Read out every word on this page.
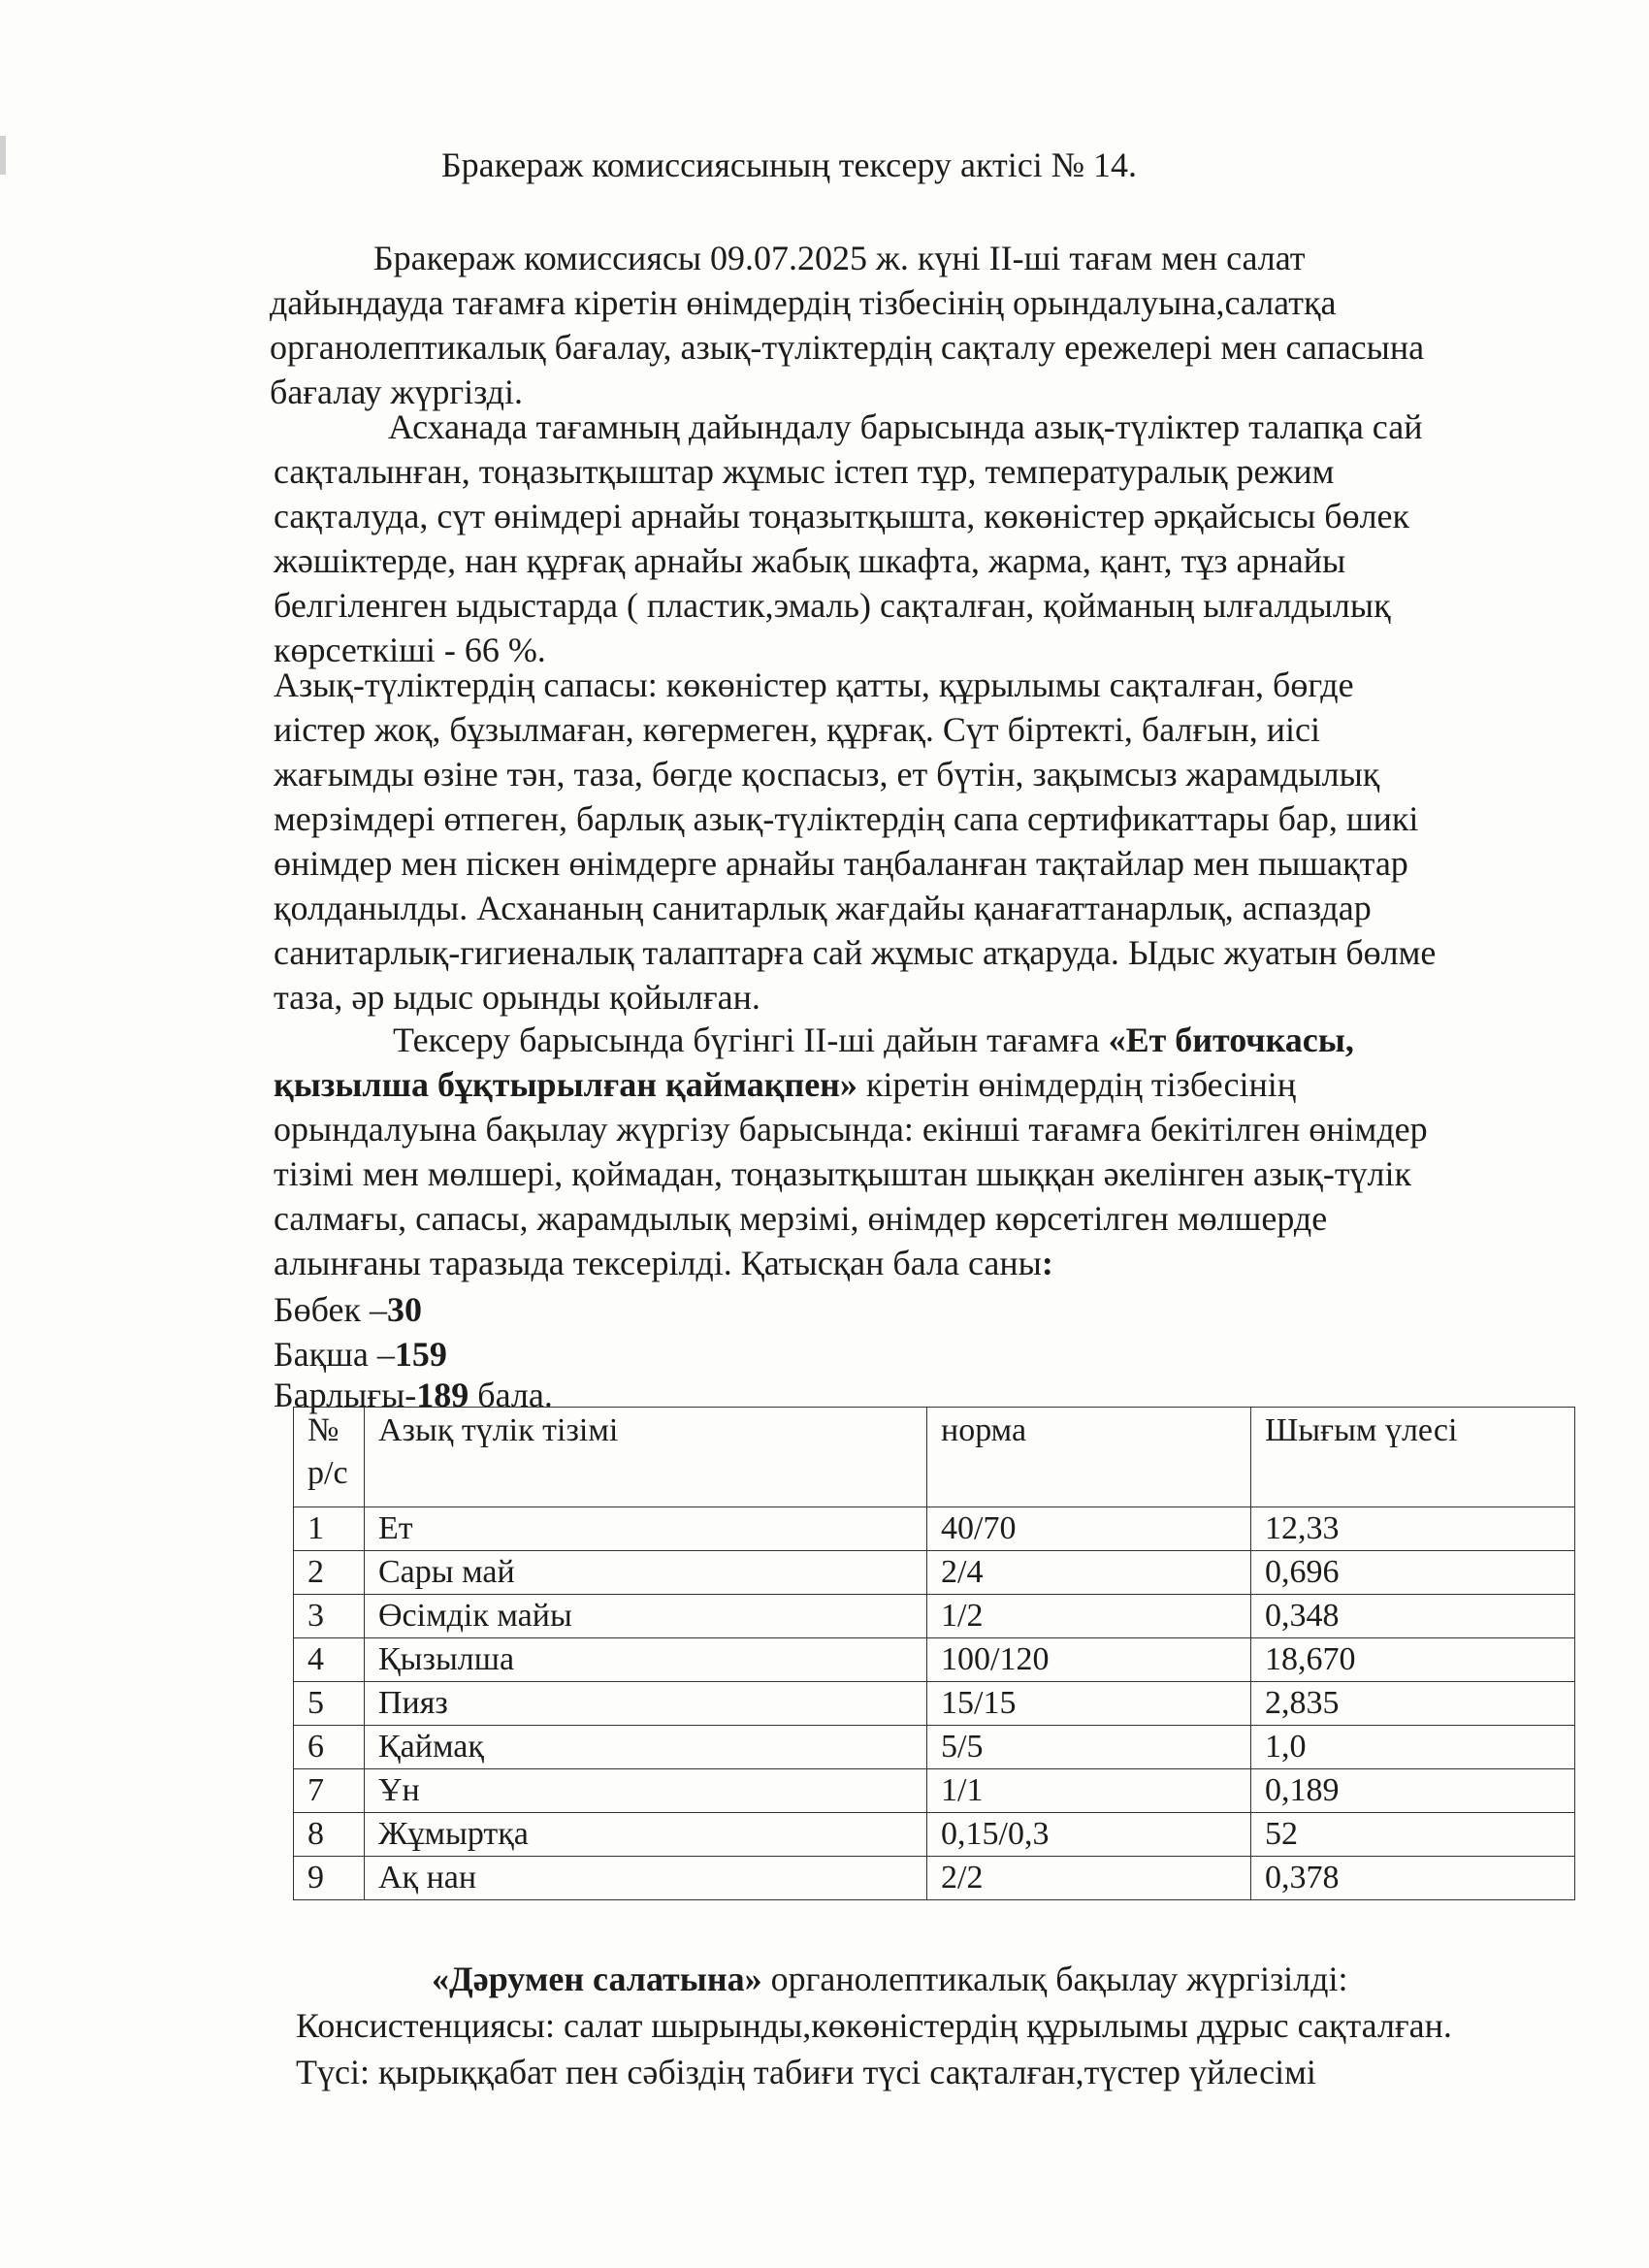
Бракераж комиссиясының тексеру актісі № 14.
Бракераж комиссиясы 09.07.2025 ж. күні ІІ-ші тағам мен салат
дайындауда тағамға кіретін өнімдердің тізбесінің орындалуына,салатқа
органолептикалық бағалау, азық-түліктердің сақталу ережелері мен сапасына
бағалау жүргізді.
Асханада тағамның дайындалу барысында азық-түліктер талапқа сай
сақталынған, тоңазытқыштар жұмыс істеп тұр, температуралық режим
сақталуда, сүт өнімдері арнайы тоңазытқышта, көкөністер әрқайсысы бөлек
жәшіктерде, нан құрғақ арнайы жабық шкафта, жарма, қант, тұз арнайы
белгіленген ыдыстарда ( пластик,эмаль) сақталған, қойманың ылғалдылық
көрсеткіші - 66 %.
Азық-түліктердің сапасы: көкөністер қатты, құрылымы сақталған, бөгде
иістер жоқ, бұзылмаған, көгермеген, құрғақ. Сүт біртекті, балғын, иісі
жағымды өзіне тән, таза, бөгде қоспасыз, ет бүтін, зақымсыз жарамдылық
мерзімдері өтпеген, барлық азық-түліктердің сапа сертификаттары бар, шикі
өнімдер мен піскен өнімдерге арнайы таңбаланған тақтайлар мен пышақтар
қолданылды. Асхананың санитарлық жағдайы қанағаттанарлық, аспаздар
санитарлық-гигиеналық талаптарға сай жұмыс атқаруда. Ыдыс жуатын бөлме
таза, әр ыдыс орынды қойылған.
Тексеру барысында бүгінгі ІІ-ші дайын тағамға «Ет биточкасы,
қызылша бұқтырылған қаймақпен» кіретін өнімдердің тізбесінің
орындалуына бақылау жүргізу барысында: екінші тағамға бекітілген өнімдер
тізімі мен мөлшері, қоймадан, тоңазытқыштан шыққан әкелінген азық-түлік
салмағы, сапасы, жарамдылық мерзімі, өнімдер көрсетілген мөлшерде
алынғаны таразыда тексерілді. Қатысқан бала саны:
Бөбек –30
Бақша –159
Барлығы-189 бала.
№ р/с	Азық түлік тізімі	норма	Шығым үлесі
1	Ет	40/70	12,33
2	Сары май	2/4	0,696
3	Өсімдік майы	1/2	0,348
4	Қызылша	100/120	18,670
5	Пияз	15/15	2,835
6	Қаймақ	5/5	1,0
7	Ұн	1/1	0,189
8	Жұмыртқа	0,15/0,3	52
9	Ақ нан	2/2	0,378
«Дәрумен салатына» органолептикалық бақылау жүргізілді:
Консистенциясы: салат шырынды,көкөністердің құрылымы дұрыс сақталған.
Түсі: қырыққабат пен сәбіздің табиғи түсі сақталған,түстер үйлесімі
